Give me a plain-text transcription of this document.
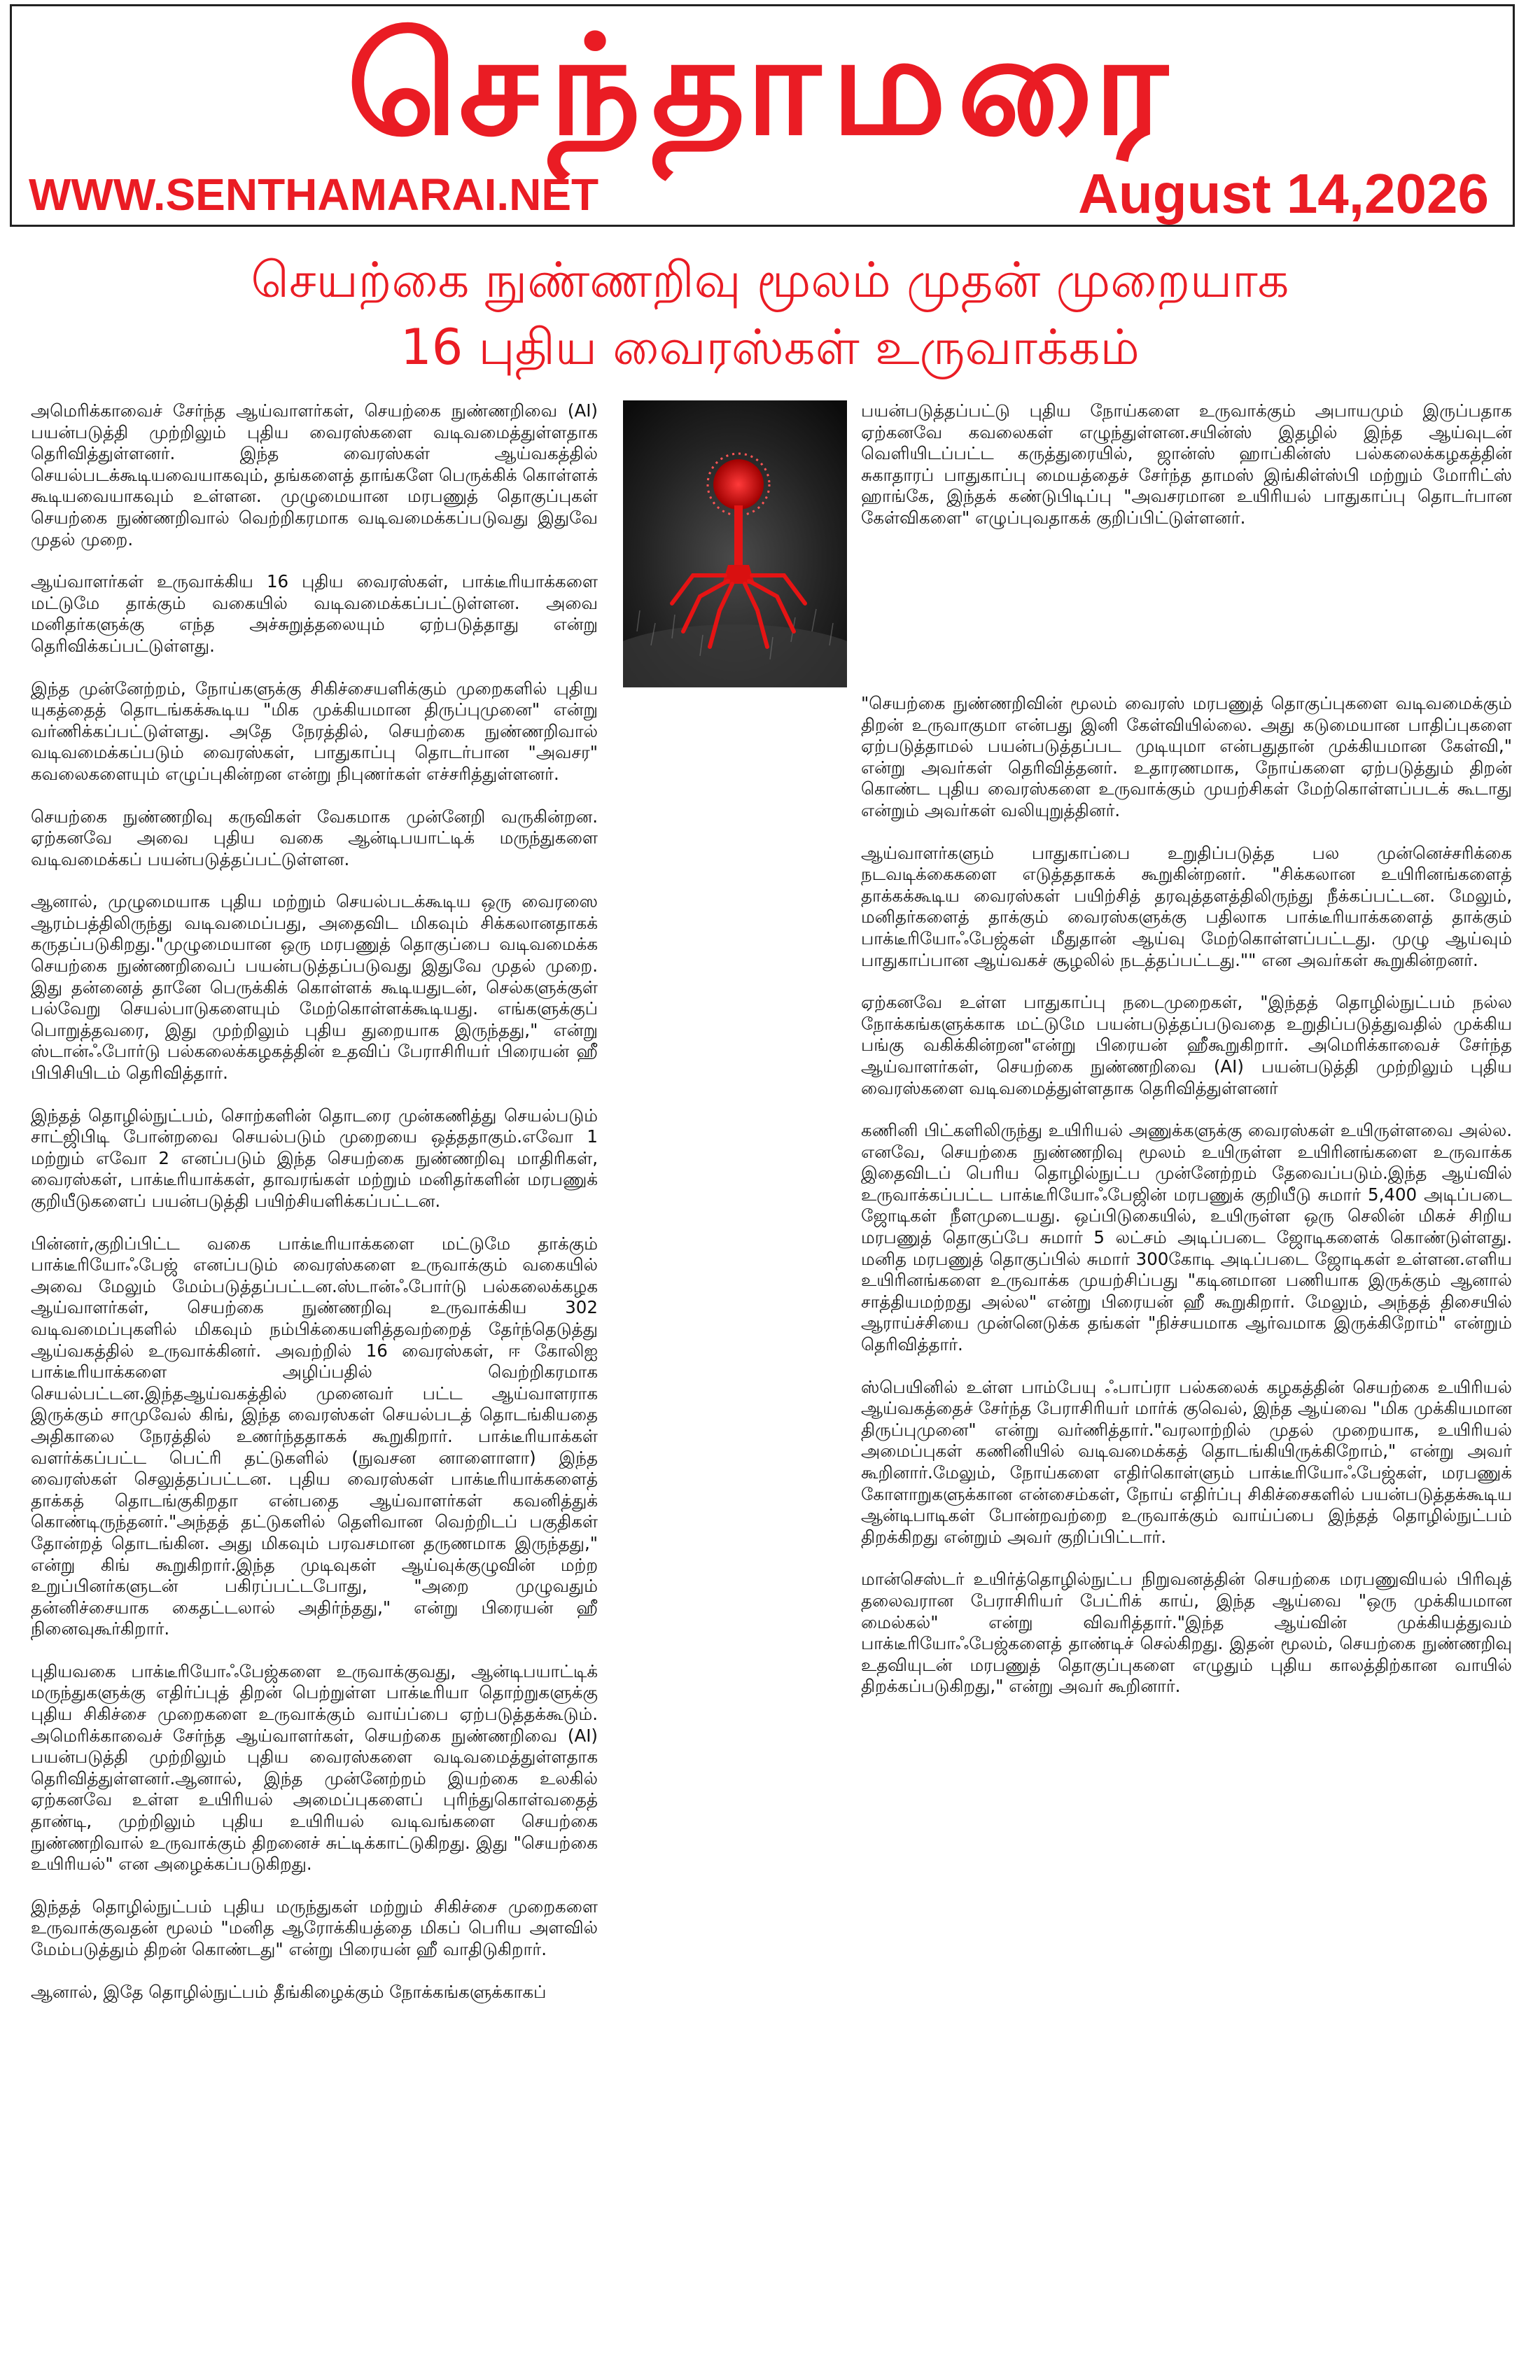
செந்தாமரை
WWW.SENTHAMARAI.NET	August 14,2026
செயற்கை நுண்ணறிவு மூலம் முதன் முறையாக
16 புதிய வைரஸ்கள் உருவாக்கம்

அமெரிக்காவைச் சேர்ந்த ஆய்வாளர்கள், செயற்கை நுண்ணறிவை (AI) பயன்படுத்தி முற்றிலும் புதிய வைரஸ்களை வடிவமைத்துள்ளதாக தெரிவித்துள்ளனர். இந்த வைரஸ்கள் ஆய்வகத்தில் செயல்படக்கூடியவையாகவும், தங்களைத் தாங்களே பெருக்கிக் கொள்ளக் கூடியவையாகவும் உள்ளன. முழுமையான மரபணுத் தொகுப்புகள் செயற்கை நுண்ணறிவால் வெற்றிகரமாக வடிவமைக்கப்படுவது இதுவே முதல் முறை.

ஆய்வாளர்கள் உருவாக்கிய 16 புதிய வைரஸ்கள், பாக்டீரியாக்களை மட்டுமே தாக்கும் வகையில் வடிவமைக்கப்பட்டுள்ளன. அவை மனிதர்களுக்கு எந்த அச்சுறுத்தலையும் ஏற்படுத்தாது என்று தெரிவிக்கப்பட்டுள்ளது.

இந்த முன்னேற்றம், நோய்களுக்கு சிகிச்சையளிக்கும் முறைகளில் புதிய யுகத்தைத் தொடங்கக்கூடிய "மிக முக்கியமான திருப்புமுனை" என்று வர்ணிக்கப்பட்டுள்ளது. அதே நேரத்தில், செயற்கை நுண்ணறிவால் வடிவமைக்கப்படும் வைரஸ்கள், பாதுகாப்பு தொடர்பான "அவசர" கவலைகளையும் எழுப்புகின்றன என்று நிபுணர்கள் எச்சரித்துள்ளனர்.

செயற்கை நுண்ணறிவு கருவிகள் வேகமாக முன்னேறி வருகின்றன. ஏற்கனவே அவை புதிய வகை ஆன்டிபயாட்டிக் மருந்துகளை வடிவமைக்கப் பயன்படுத்தப்பட்டுள்ளன.

ஆனால், முழுமையாக புதிய மற்றும் செயல்படக்கூடிய ஒரு வைரஸை ஆரம்பத்திலிருந்து வடிவமைப்பது, அதைவிட மிகவும் சிக்கலானதாகக் கருதப்படுகிறது."முழுமையான ஒரு மரபணுத் தொகுப்பை வடிவமைக்க செயற்கை நுண்ணறிவைப் பயன்படுத்தப்படுவது இதுவே முதல் முறை. இது தன்னைத் தானே பெருக்கிக் கொள்ளக் கூடியதுடன், செல்களுக்குள் பல்வேறு செயல்பாடுகளையும் மேற்கொள்ளக்கூடியது. எங்களுக்குப் பொறுத்தவரை, இது முற்றிலும் புதிய துறையாக இருந்தது," என்று ஸ்டான்ஃபோர்டு பல்கலைக்கழகத்தின் உதவிப் பேராசிரியர் பிரையன் ஹீ பிபிசியிடம் தெரிவித்தார்.

இந்தத் தொழில்நுட்பம், சொற்களின் தொடரை முன்கணித்து செயல்படும் சாட்ஜிபிடி போன்றவை செயல்படும் முறையை ஒத்ததாகும்.எவோ 1 மற்றும் எவோ 2 எனப்படும் இந்த செயற்கை நுண்ணறிவு மாதிரிகள், வைரஸ்கள், பாக்டீரியாக்கள், தாவரங்கள் மற்றும் மனிதர்களின் மரபணுக் குறியீடுகளைப் பயன்படுத்தி பயிற்சியளிக்கப்பட்டன.

பின்னர்,குறிப்பிட்ட வகை பாக்டீரியாக்களை மட்டுமே தாக்கும் பாக்டீரியோஃபேஜ் எனப்படும் வைரஸ்களை உருவாக்கும் வகையில் அவை மேலும் மேம்படுத்தப்பட்டன.ஸ்டான்ஃபோர்டு பல்கலைக்கழக ஆய்வாளர்கள், செயற்கை நுண்ணறிவு உருவாக்கிய 302 வடிவமைப்புகளில் மிகவும் நம்பிக்கையளித்தவற்றைத் தேர்ந்தெடுத்து ஆய்வகத்தில் உருவாக்கினர். அவற்றில் 16 வைரஸ்கள், ஈ கோலிஐ பாக்டீரியாக்களை அழிப்பதில் வெற்றிகரமாக செயல்பட்டன.இந்தஆய்வகத்தில் முனைவர் பட்ட ஆய்வாளராக இருக்கும் சாமுவேல் கிங், இந்த வைரஸ்கள் செயல்படத் தொடங்கியதை அதிகாலை நேரத்தில் உணர்ந்ததாகக் கூறுகிறார். பாக்டீரியாக்கள் வளர்க்கப்பட்ட பெட்ரி தட்டுகளில் (நுவசன னாளைாளா) இந்த வைரஸ்கள் செலுத்தப்பட்டன. புதிய வைரஸ்கள் பாக்டீரியாக்களைத் தாக்கத் தொடங்குகிறதா என்பதை ஆய்வாளர்கள் கவனித்துக் கொண்டிருந்தனர்."அந்தத் தட்டுகளில் தெளிவான வெற்றிடப் பகுதிகள் தோன்றத் தொடங்கின. அது மிகவும் பரவசமான தருணமாக இருந்தது," என்று கிங் கூறுகிறார்.இந்த முடிவுகள் ஆய்வுக்குழுவின் மற்ற உறுப்பினர்களுடன் பகிரப்பட்டபோது, "அறை முழுவதும் தன்னிச்சையாக கைதட்டலால் அதிர்ந்தது," என்று பிரையன் ஹீ நினைவுகூர்கிறார்.

புதியவகை பாக்டீரியோஃபேஜ்களை உருவாக்குவது, ஆன்டிபயாட்டிக் மருந்துகளுக்கு எதிர்ப்புத் திறன் பெற்றுள்ள பாக்டீரியா தொற்றுகளுக்கு புதிய சிகிச்சை முறைகளை உருவாக்கும் வாய்ப்பை ஏற்படுத்தக்கூடும். அமெரிக்காவைச் சேர்ந்த ஆய்வாளர்கள், செயற்கை நுண்ணறிவை (AI) பயன்படுத்தி முற்றிலும் புதிய வைரஸ்களை வடிவமைத்துள்ளதாக தெரிவித்துள்ளனர்.ஆனால், இந்த முன்னேற்றம் இயற்கை உலகில் ஏற்கனவே உள்ள உயிரியல் அமைப்புகளைப் புரிந்துகொள்வதைத் தாண்டி, முற்றிலும் புதிய உயிரியல் வடிவங்களை செயற்கை நுண்ணறிவால் உருவாக்கும் திறனைச் சுட்டிக்காட்டுகிறது. இது "செயற்கை உயிரியல்" என அழைக்கப்படுகிறது.

இந்தத் தொழில்நுட்பம் புதிய மருந்துகள் மற்றும் சிகிச்சை முறைகளை உருவாக்குவதன் மூலம் "மனித ஆரோக்கியத்தை மிகப் பெரிய அளவில் மேம்படுத்தும் திறன் கொண்டது" என்று பிரையன் ஹீ வாதிடுகிறார்.

ஆனால், இதே தொழில்நுட்பம் தீங்கிழைக்கும் நோக்கங்களுக்காகப்

பயன்படுத்தப்பட்டு புதிய நோய்களை உருவாக்கும் அபாயமும் இருப்பதாக ஏற்கனவே கவலைகள் எழுந்துள்ளன.சயின்ஸ் இதழில் இந்த ஆய்வுடன் வெளியிடப்பட்ட கருத்துரையில், ஜான்ஸ் ஹாப்கின்ஸ் பல்கலைக்கழகத்தின் சுகாதாரப் பாதுகாப்பு மையத்தைச் சேர்ந்த தாமஸ் இங்கிள்ஸ்பி மற்றும் மோரிட்ஸ் ஹாங்கே, இந்தக் கண்டுபிடிப்பு "அவசரமான உயிரியல் பாதுகாப்பு தொடர்பான கேள்விகளை" எழுப்புவதாகக் குறிப்பிட்டுள்ளனர்.

"செயற்கை நுண்ணறிவின் மூலம் வைரஸ் மரபணுத் தொகுப்புகளை வடிவமைக்கும் திறன் உருவாகுமா என்பது இனி கேள்வியில்லை. அது கடுமையான பாதிப்புகளை ஏற்படுத்தாமல் பயன்படுத்தப்பட முடியுமா என்பதுதான் முக்கியமான கேள்வி," என்று அவர்கள் தெரிவித்தனர். உதாரணமாக, நோய்களை ஏற்படுத்தும் திறன் கொண்ட புதிய வைரஸ்களை உருவாக்கும் முயற்சிகள் மேற்கொள்ளப்படக் கூடாது என்றும் அவர்கள் வலியுறுத்தினர்.

ஆய்வாளர்களும் பாதுகாப்பை உறுதிப்படுத்த பல முன்னெச்சரிக்கை நடவடிக்கைகளை எடுத்ததாகக் கூறுகின்றனர். "சிக்கலான உயிரினங்களைத் தாக்கக்கூடிய வைரஸ்கள் பயிற்சித் தரவுத்தளத்திலிருந்து நீக்கப்பட்டன. மேலும், மனிதர்களைத் தாக்கும் வைரஸ்களுக்கு பதிலாக பாக்டீரியாக்களைத் தாக்கும் பாக்டீரியோஃபேஜ்கள் மீதுதான் ஆய்வு மேற்கொள்ளப்பட்டது. முழு ஆய்வும் பாதுகாப்பான ஆய்வகச் சூழலில் நடத்தப்பட்டது."" என அவர்கள் கூறுகின்றனர்.

ஏற்கனவே உள்ள பாதுகாப்பு நடைமுறைகள், "இந்தத் தொழில்நுட்பம் நல்ல நோக்கங்களுக்காக மட்டுமே பயன்படுத்தப்படுவதை உறுதிப்படுத்துவதில் முக்கிய பங்கு வகிக்கின்றன"என்று பிரையன் ஹீகூறுகிறார். அமெரிக்காவைச் சேர்ந்த ஆய்வாளர்கள், செயற்கை நுண்ணறிவை (AI) பயன்படுத்தி முற்றிலும் புதிய வைரஸ்களை வடிவமைத்துள்ளதாக தெரிவித்துள்ளனர்

கணினி பிட்களிலிருந்து உயிரியல் அணுக்களுக்கு வைரஸ்கள் உயிருள்ளவை அல்ல. எனவே, செயற்கை நுண்ணறிவு மூலம் உயிருள்ள உயிரினங்களை உருவாக்க இதைவிடப் பெரிய தொழில்நுட்ப முன்னேற்றம் தேவைப்படும்.இந்த ஆய்வில் உருவாக்கப்பட்ட பாக்டீரியோஃபேஜின் மரபணுக் குறியீடு சுமார் 5,400 அடிப்படை ஜோடிகள் நீளமுடையது. ஒப்பிடுகையில், உயிருள்ள ஒரு செலின் மிகச் சிறிய மரபணுத் தொகுப்பே சுமார் 5 லட்சம் அடிப்படை ஜோடிகளைக் கொண்டுள்ளது. மனித மரபணுத் தொகுப்பில் சுமார் 300கோடி அடிப்படை ஜோடிகள் உள்ளன.எளிய உயிரினங்களை உருவாக்க முயற்சிப்பது "கடினமான பணியாக இருக்கும் ஆனால் சாத்தியமற்றது அல்ல" என்று பிரையன் ஹீ கூறுகிறார். மேலும், அந்தத் திசையில் ஆராய்ச்சியை முன்னெடுக்க தங்கள் "நிச்சயமாக ஆர்வமாக இருக்கிறோம்" என்றும் தெரிவித்தார்.

ஸ்பெயினில் உள்ள பாம்பேயு ஃபாப்ரா பல்கலைக் கழகத்தின் செயற்கை உயிரியல் ஆய்வகத்தைச் சேர்ந்த பேராசிரியர் மார்க் குவெல், இந்த ஆய்வை "மிக முக்கியமான திருப்புமுனை" என்று வர்ணித்தார்."வரலாற்றில் முதல் முறையாக, உயிரியல் அமைப்புகள் கணினியில் வடிவமைக்கத் தொடங்கியிருக்கிறோம்," என்று அவர் கூறினார்.மேலும், நோய்களை எதிர்கொள்ளும் பாக்டீரியோஃபேஜ்கள், மரபணுக் கோளாறுகளுக்கான என்சைம்கள், நோய் எதிர்ப்பு சிகிச்சைகளில் பயன்படுத்தக்கூடிய ஆன்டிபாடிகள் போன்றவற்றை உருவாக்கும் வாய்ப்பை இந்தத் தொழில்நுட்பம் திறக்கிறது என்றும் அவர் குறிப்பிட்டார்.

மான்செஸ்டர் உயிர்த்தொழில்நுட்ப நிறுவனத்தின் செயற்கை மரபணுவியல் பிரிவுத் தலைவரான பேராசிரியர் பேட்ரிக் காய், இந்த ஆய்வை "ஒரு முக்கியமான மைல்கல்" என்று விவரித்தார்."இந்த ஆய்வின் முக்கியத்துவம் பாக்டீரியோஃபேஜ்களைத் தாண்டிச் செல்கிறது. இதன் மூலம், செயற்கை நுண்ணறிவு உதவியுடன் மரபணுத் தொகுப்புகளை எழுதும் புதிய காலத்திற்கான வாயில் திறக்கப்படுகிறது," என்று அவர் கூறினார்.
